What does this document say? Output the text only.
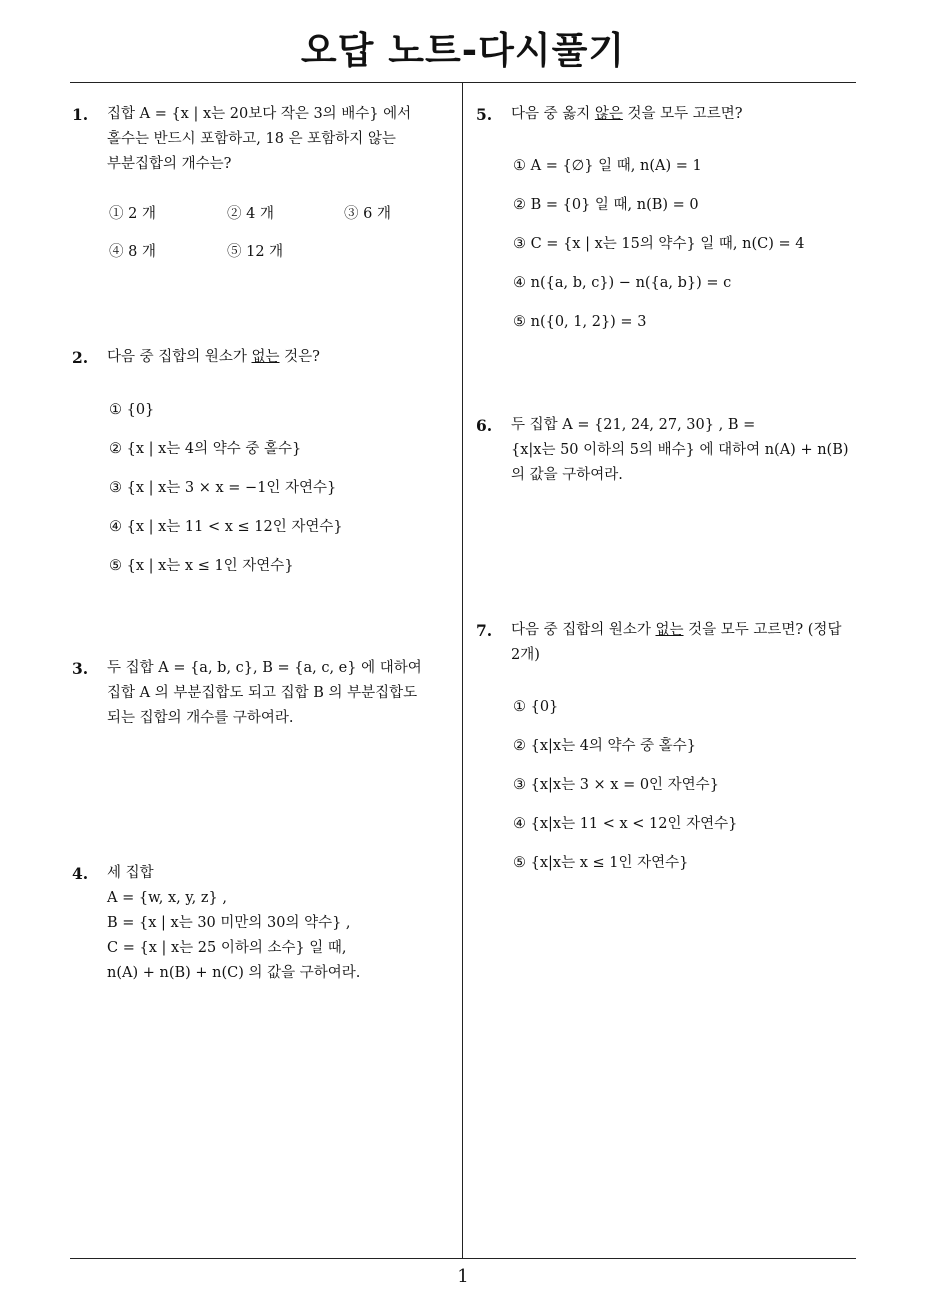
오답 노트-다시풀기
1
1. 집합 A = {x | x는 20보다 작은 3의 배수} 에서

홀수는 반드시 포함하고, 18 은 포함하지 않는

부분집합의 개수는?

① 2 개	② 4 개	③ 6 개
④ 8 개	⑤ 12 개
2. 다음 중 집합의 원소가 없는 것은?

① {0}
② {x | x는 4의 약수 중 홀수}
③ {x | x는 3 × x = −1인 자연수}
④ {x | x는 11 < x ≤ 12인 자연수}
⑤ {x | x는 x ≤ 1인 자연수}
3. 두 집합 A = {a, b, c}, B = {a, c, e} 에 대하여

집합 A 의 부분집합도 되고 집합 B 의 부분집합도

되는 집합의 개수를 구하여라.

4. 세 집합

A = {w, x, y, z} ,

B = {x | x는 30 미만의 30의 약수} ,

C = {x | x는 25 이하의 소수} 일 때,

n(A) + n(B) + n(C) 의 값을 구하여라.

5. 다음 중 옳지 않은 것을 모두 고르면?

① A = {∅} 일 때, n(A) = 1
② B = {0} 일 때, n(B) = 0
③ C = {x | x는 15의 약수} 일 때, n(C) = 4
④ n({a, b, c}) − n({a, b}) = c
⑤ n({0, 1, 2}) = 3
6. 두 집합 A = {21, 24, 27, 30} , B =

{x|x는 50 이하의 5의 배수} 에 대하여 n(A) + n(B)

의 값을 구하여라.

7. 다음 중 집합의 원소가 없는 것을 모두 고르면? (정답

2개)

① {0}
② {x|x는 4의 약수 중 홀수}
③ {x|x는 3 × x = 0인 자연수}
④ {x|x는 11 < x < 12인 자연수}
⑤ {x|x는 x ≤ 1인 자연수}
